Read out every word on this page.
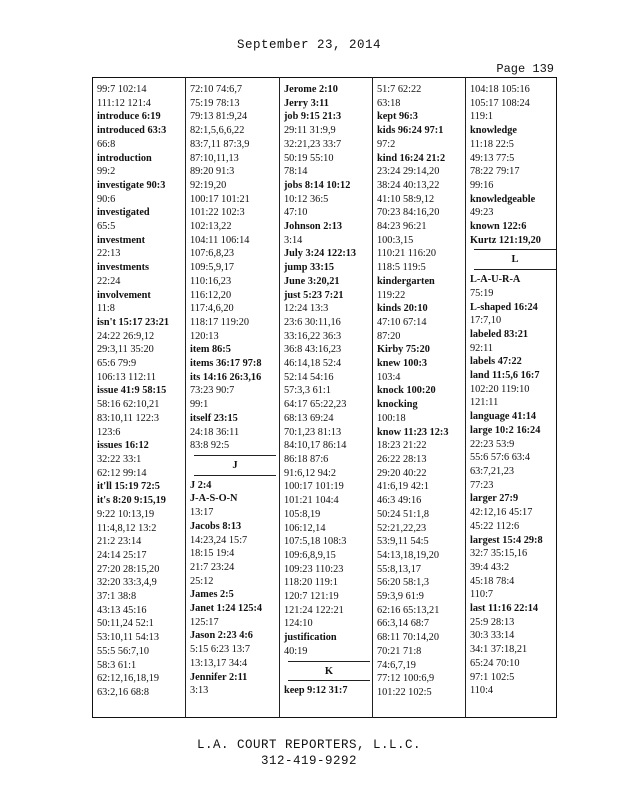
September 23, 2014
Page 139
99:7 102:14
111:12 121:4
introduce 6:19
introduced 63:3
66:8
introduction
99:2
investigate 90:3
90:6
investigated
65:5
investment
22:13
investments
22:24
involvement
11:8
isn't 15:17 23:21
24:22 26:9,12
29:3,11 35:20
65:6 79:9
106:13 112:11
issue 41:9 58:15
58:16 62:10,21
83:10,11 122:3
123:6
issues 16:12
32:22 33:1
62:12 99:14
it'll 15:19 72:5
it's 8:20 9:15,19
9:22 10:13,19
11:4,8,12 13:2
21:2 23:14
24:14 25:17
27:20 28:15,20
32:20 33:3,4,9
37:1 38:8
43:13 45:16
50:11,24 52:1
53:10,11 54:13
55:5 56:7,10
58:3 61:1
62:12,16,18,19
63:2,16 68:8
72:10 74:6,7
75:19 78:13
79:13 81:9,24
82:1,5,6,6,22
83:7,11 87:3,9
87:10,11,13
89:20 91:3
92:19,20
100:17 101:21
101:22 102:3
102:13,22
104:11 106:14
107:6,8,23
109:5,9,17
110:16,23
116:12,20
117:4,6,20
118:17 119:20
120:13
item 86:5
items 36:17 97:8
its 14:16 26:3,16
73:23 90:7
99:1
itself 23:15
24:18 36:11
83:8 92:5
J
J 2:4
J-A-S-O-N
13:17
Jacobs 8:13
14:23,24 15:7
18:15 19:4
21:7 23:24
25:12
James 2:5
Janet 1:24 125:4
125:17
Jason 2:23 4:6
5:15 6:23 13:7
13:13,17 34:4
Jennifer 2:11
3:13
Jerome 2:10
Jerry 3:11
job 9:15 21:3
29:11 31:9,9
32:21,23 33:7
50:19 55:10
78:14
jobs 8:14 10:12
10:12 36:5
47:10
Johnson 2:13
3:14
July 3:24 122:13
jump 33:15
June 3:20,21
just 5:23 7:21
12:24 13:3
23:6 30:11,16
33:16,22 36:3
36:8 43:16,23
46:14,18 52:4
52:14 54:16
57:3,3 61:1
64:17 65:22,23
68:13 69:24
70:1,23 81:13
84:10,17 86:14
86:18 87:6
91:6,12 94:2
100:17 101:19
101:21 104:4
105:8,19
106:12,14
107:5,18 108:3
109:6,8,9,15
109:23 110:23
118:20 119:1
120:7 121:19
121:24 122:21
124:10
justification
40:19
K
keep 9:12 31:7
51:7 62:22
63:18
kept 96:3
kids 96:24 97:1
97:2
kind 16:24 21:2
23:24 29:14,20
38:24 40:13,22
41:10 58:9,12
70:23 84:16,20
84:23 96:21
100:3,15
110:21 116:20
118:5 119:5
kindergarten
119:22
kinds 20:10
47:10 67:14
87:20
Kirby 75:20
knew 100:3
103:4
knock 100:20
knocking
100:18
know 11:23 12:3
18:23 21:22
26:22 28:13
29:20 40:22
41:6,19 42:1
46:3 49:16
50:24 51:1,8
52:21,22,23
53:9,11 54:5
54:13,18,19,20
55:8,13,17
56:20 58:1,3
59:3,9 61:9
62:16 65:13,21
66:3,14 68:7
68:11 70:14,20
70:21 71:8
74:6,7,19
77:12 100:6,9
101:22 102:5
104:18 105:16
105:17 108:24
119:1
knowledge
11:18 22:5
49:13 77:5
78:22 79:17
99:16
knowledgeable
49:23
known 122:6
Kurtz 121:19,20
L
L-A-U-R-A
75:19
L-shaped 16:24
17:7,10
labeled 83:21
92:11
labels 47:22
land 11:5,6 16:7
102:20 119:10
121:11
language 41:14
large 10:2 16:24
22:23 53:9
55:6 57:6 63:4
63:7,21,23
77:23
larger 27:9
42:12,16 45:17
45:22 112:6
largest 15:4 29:8
32:7 35:15,16
39:4 43:2
45:18 78:4
110:7
last 11:16 22:14
25:9 28:13
30:3 33:14
34:1 37:18,21
65:24 70:10
97:1 102:5
110:4
L.A. COURT REPORTERS, L.L.C.
312-419-9292
